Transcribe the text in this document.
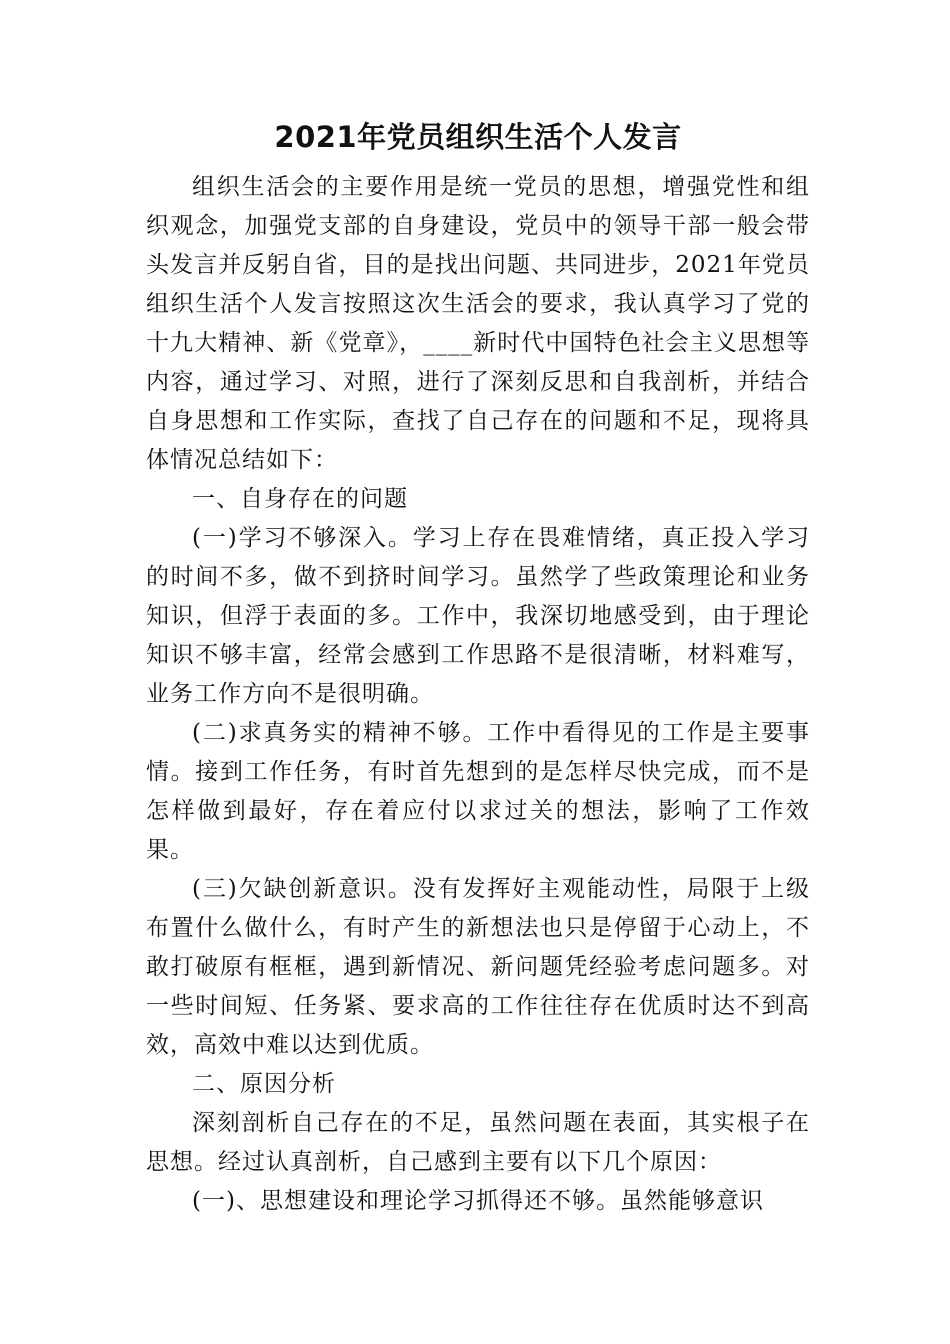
2021年党员组织生活个人发言

组织生活会的主要作用是统一党员的思想，增强党性和组织观念，加强党支部的自身建设，党员中的领导干部一般会带头发言并反躬自省，目的是找出问题、共同进步，2021年党员组织生活个人发言按照这次生活会的要求，我认真学习了党的十九大精神、新《党章》，____新时代中国特色社会主义思想等内容，通过学习、对照，进行了深刻反思和自我剖析，并结合自身思想和工作实际，查找了自己存在的问题和不足，现将具体情况总结如下：

一、自身存在的问题

(一)学习不够深入。学习上存在畏难情绪，真正投入学习的时间不多，做不到挤时间学习。虽然学了些政策理论和业务知识，但浮于表面的多。工作中，我深切地感受到，由于理论知识不够丰富，经常会感到工作思路不是很清晰，材料难写，业务工作方向不是很明确。

(二)求真务实的精神不够。工作中看得见的工作是主要事情。接到工作任务，有时首先想到的是怎样尽快完成，而不是怎样做到最好，存在着应付以求过关的想法，影响了工作效果。

(三)欠缺创新意识。没有发挥好主观能动性，局限于上级布置什么做什么，有时产生的新想法也只是停留于心动上，不敢打破原有框框，遇到新情况、新问题凭经验考虑问题多。对一些时间短、任务紧、要求高的工作往往存在优质时达不到高效，高效中难以达到优质。

二、原因分析

深刻剖析自己存在的不足，虽然问题在表面，其实根子在思想。经过认真剖析，自己感到主要有以下几个原因：

(一)、思想建设和理论学习抓得还不够。虽然能够意识
